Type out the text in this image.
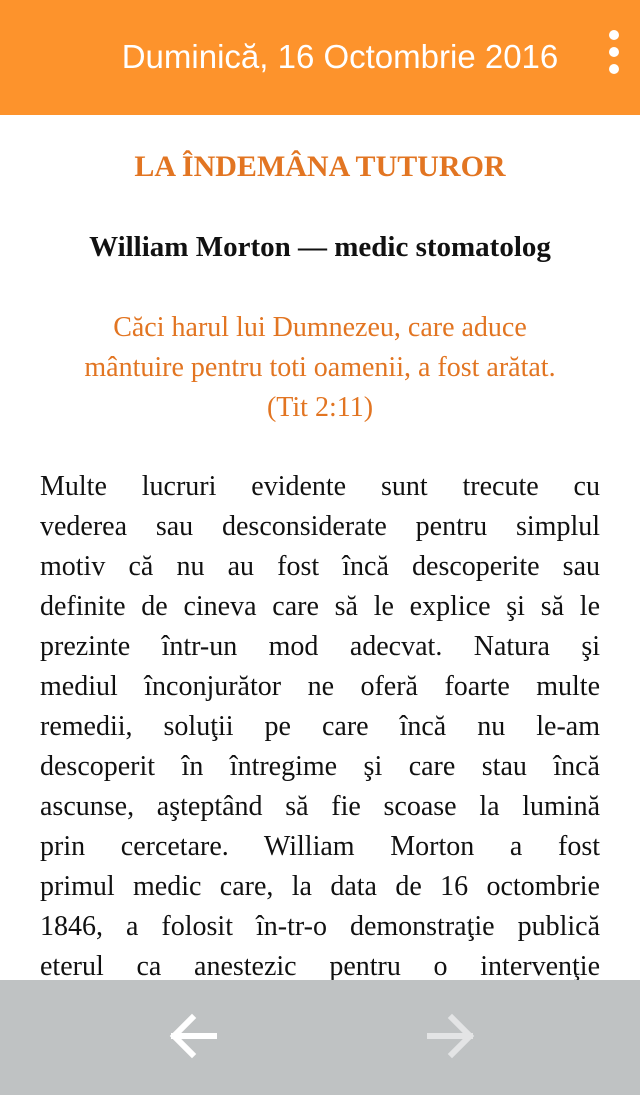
Duminică, 16 Octombrie 2016
LA ÎNDEMÂNA TUTUROR
William Morton — medic stomatolog
Căci harul lui Dumnezeu, care aduce
mântuire pentru toti oamenii, a fost arătat.
(Tit 2:11)
Multe lucruri evidente sunt trecute cu
vederea sau desconsiderate pentru simplul
motiv că nu au fost încă descoperite sau
definite de cineva care să le explice şi să le
prezinte într-un mod adecvat. Natura şi
mediul înconjurător ne oferă foarte multe
remedii, soluţii pe care încă nu le-am
descoperit în întregime şi care stau încă
ascunse, aşteptând să fie scoase la lumină
prin cercetare. William Morton a fost
primul medic care, la data de 16 octombrie
1846, a folosit în-tr-o demonstraţie publică
eterul ca anestezic pentru o intervenţie
